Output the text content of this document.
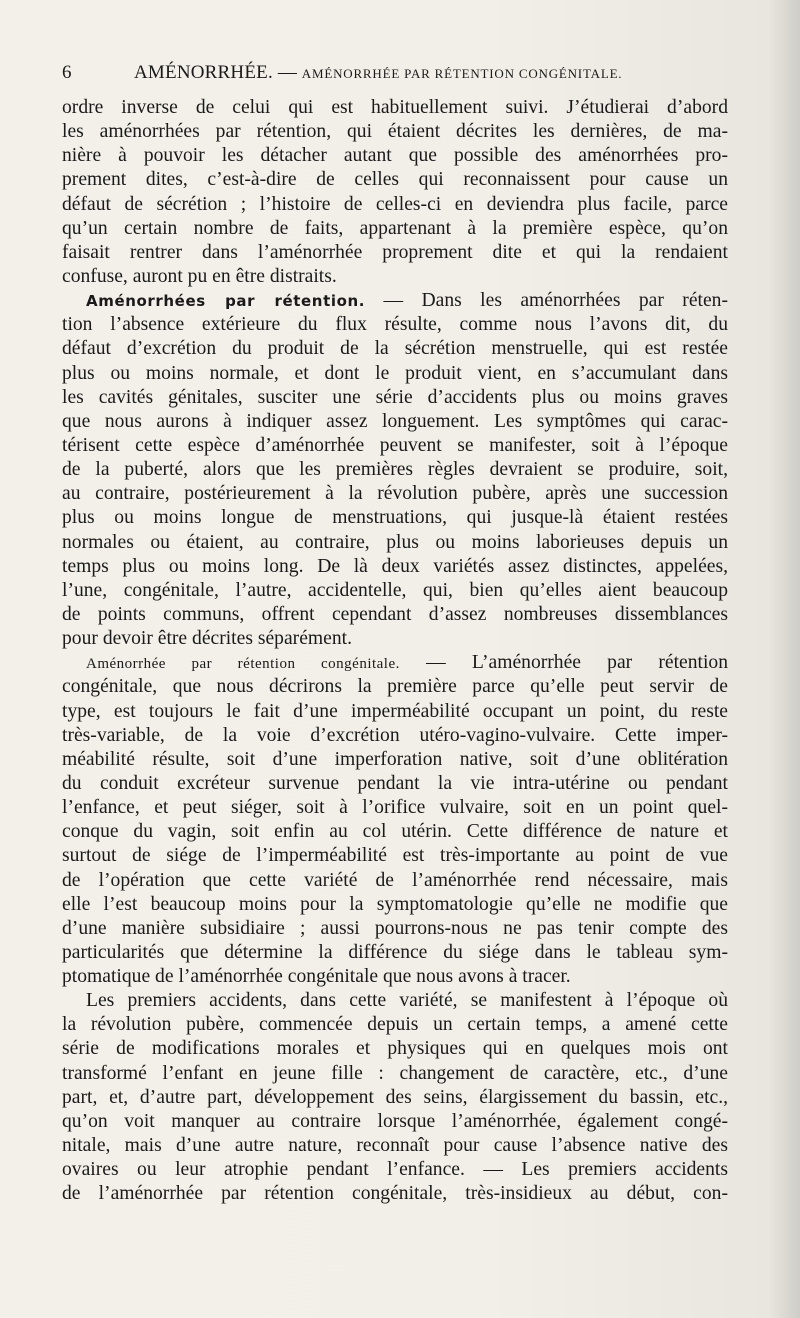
6	AMÉNORRHÉE. — AMÉNORRHÉE PAR RÉTENTION CONGÉNITALE.
ordre inverse de celui qui est habituellement suivi. J’étudierai d’abord
les aménorrhées par rétention, qui étaient décrites les dernières, de ma-
nière à pouvoir les détacher autant que possible des aménorrhées pro-
prement dites, c’est-à-dire de celles qui reconnaissent pour cause un
défaut de sécrétion ; l’histoire de celles-ci en deviendra plus facile, parce
qu’un certain nombre de faits, appartenant à la première espèce, qu’on
faisait rentrer dans l’aménorrhée proprement dite et qui la rendaient
confuse, auront pu en être distraits.
Aménorrhées par rétention. — Dans les aménorrhées par réten-
tion l’absence extérieure du flux résulte, comme nous l’avons dit, du
défaut d’excrétion du produit de la sécrétion menstruelle, qui est restée
plus ou moins normale, et dont le produit vient, en s’accumulant dans
les cavités génitales, susciter une série d’accidents plus ou moins graves
que nous aurons à indiquer assez longuement. Les symptômes qui carac-
térisent cette espèce d’aménorrhée peuvent se manifester, soit à l’époque
de la puberté, alors que les premières règles devraient se produire, soit,
au contraire, postérieurement à la révolution pubère, après une succession
plus ou moins longue de menstruations, qui jusque-là étaient restées
normales ou étaient, au contraire, plus ou moins laborieuses depuis un
temps plus ou moins long. De là deux variétés assez distinctes, appelées,
l’une, congénitale, l’autre, accidentelle, qui, bien qu’elles aient beaucoup
de points communs, offrent cependant d’assez nombreuses dissemblances
pour devoir être décrites séparément.
Aménorrhée par rétention congénitale. — L’aménorrhée par rétention
congénitale, que nous décrirons la première parce qu’elle peut servir de
type, est toujours le fait d’une imperméabilité occupant un point, du reste
très-variable, de la voie d’excrétion utéro-vagino-vulvaire. Cette imper-
méabilité résulte, soit d’une imperforation native, soit d’une oblitération
du conduit excréteur survenue pendant la vie intra-utérine ou pendant
l’enfance, et peut siéger, soit à l’orifice vulvaire, soit en un point quel-
conque du vagin, soit enfin au col utérin. Cette différence de nature et
surtout de siége de l’imperméabilité est très-importante au point de vue
de l’opération que cette variété de l’aménorrhée rend nécessaire, mais
elle l’est beaucoup moins pour la symptomatologie qu’elle ne modifie que
d’une manière subsidiaire ; aussi pourrons-nous ne pas tenir compte des
particularités que détermine la différence du siége dans le tableau sym-
ptomatique de l’aménorrhée congénitale que nous avons à tracer.
Les premiers accidents, dans cette variété, se manifestent à l’époque où
la révolution pubère, commencée depuis un certain temps, a amené cette
série de modifications morales et physiques qui en quelques mois ont
transformé l’enfant en jeune fille : changement de caractère, etc., d’une
part, et, d’autre part, développement des seins, élargissement du bassin, etc.,
qu’on voit manquer au contraire lorsque l’aménorrhée, également congé-
nitale, mais d’une autre nature, reconnaît pour cause l’absence native des
ovaires ou leur atrophie pendant l’enfance. — Les premiers accidents
de l’aménorrhée par rétention congénitale, très-insidieux au début, con-
